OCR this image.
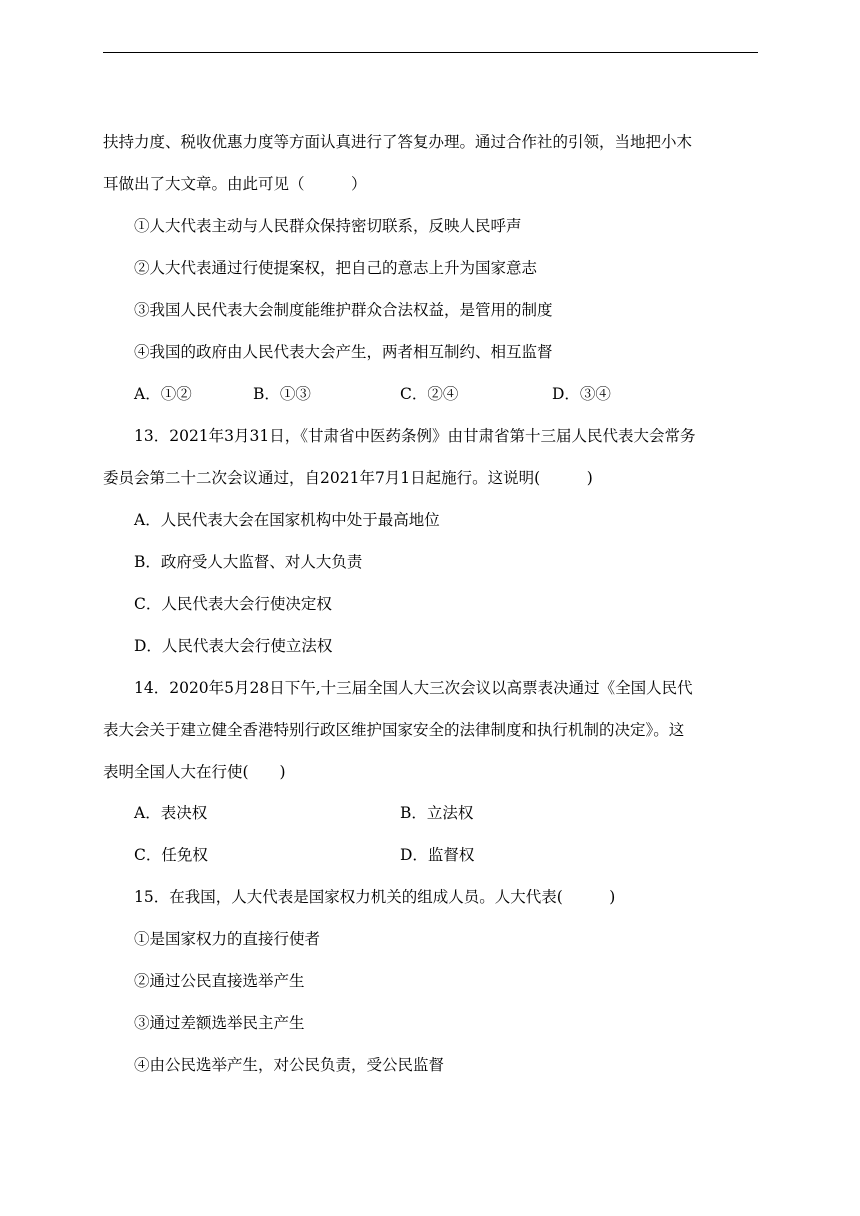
扶持力度、税收优惠力度等方面认真进行了答复办理。通过合作社的引领，当地把小木
耳做出了大文章。由此可见（　　　）
①人大代表主动与人民群众保持密切联系，反映人民呼声
②人大代表通过行使提案权，把自己的意志上升为国家意志
③我国人民代表大会制度能维护群众合法权益，是管用的制度
④我国的政府由人民代表大会产生，两者相互制约、相互监督
A．①②	B．①③	C．②④	D．③④
13．2021年3月31日，《甘肃省中医药条例》由甘肃省第十三届人民代表大会常务
委员会第二十二次会议通过，自2021年7月1日起施行。这说明(　　　)
A．人民代表大会在国家机构中处于最高地位
B．政府受人大监督、对人大负责
C．人民代表大会行使决定权
D．人民代表大会行使立法权
14．2020年5月28日下午,十三届全国人大三次会议以高票表决通过《全国人民代
表大会关于建立健全香港特别行政区维护国家安全的法律制度和执行机制的决定》。这
表明全国人大在行使(　　)
A．表决权	B．立法权
C．任免权	D．监督权
15．在我国，人大代表是国家权力机关的组成人员。人大代表(　　　)
①是国家权力的直接行使者
②通过公民直接选举产生
③通过差额选举民主产生
④由公民选举产生，对公民负责，受公民监督
